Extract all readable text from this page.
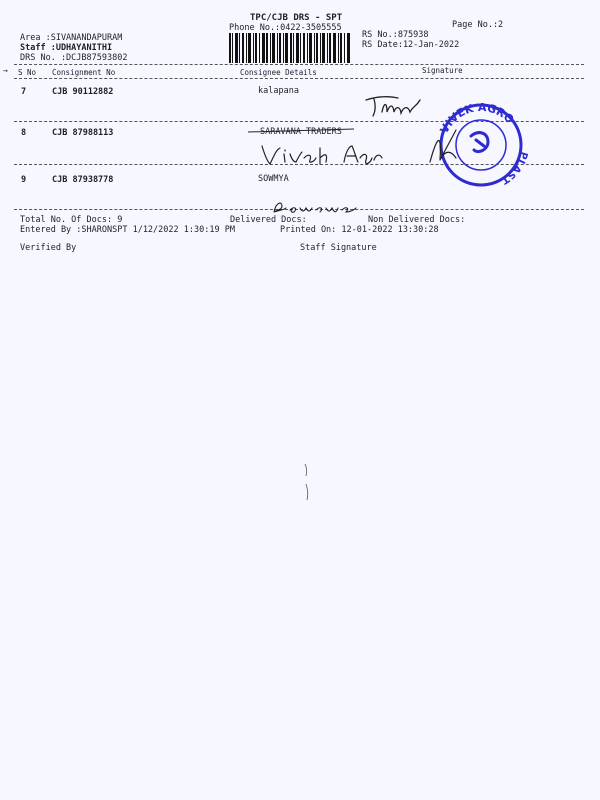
TPC/CJB DRS - SPT
Phone No.:0422-3505555	Page No.:2
Area :SIVANANDAPURAM
Staff :UDHAYANITHI
DRS No. :DCJB87593802
RS No.:875938
RS Date:12-Jan-2022
→ S No Consignment No	Consignee Details	Signature
7	CJB 90112882	kalapana
8	CJB 87988113	SARAVANA TRADERS
9	CJB 87938778	SOWMYA
Total No. Of Docs: 9	Delivered Docs:	Non Delivered Docs:
Entered By :SHARONSPT 1/12/2022 1:30:19 PM	Printed On: 12-01-2022 13:30:28
Verified By	Staff Signature
VIVEK AGRO
PLAST
